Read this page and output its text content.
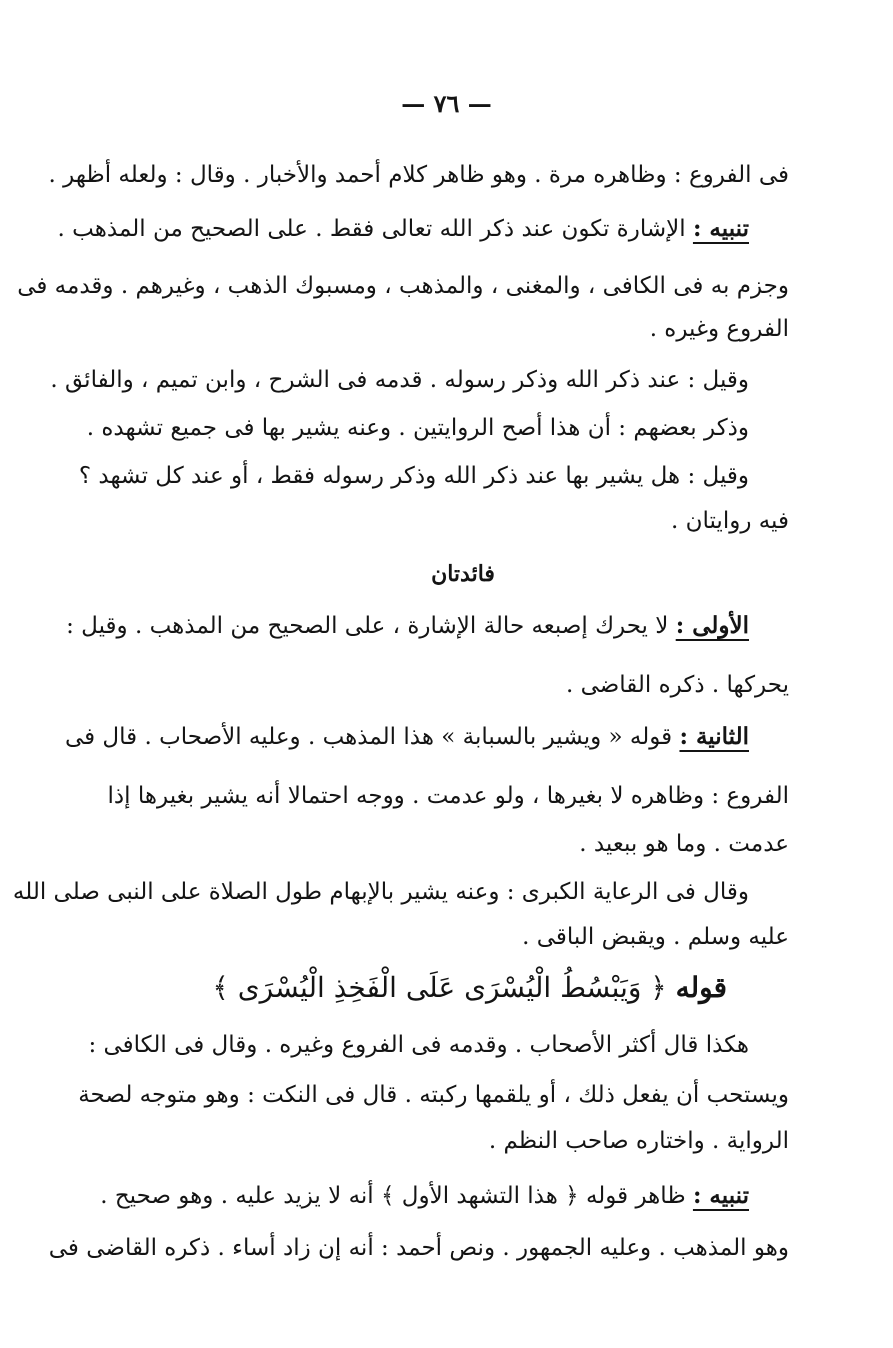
— ٧٦ —
فى الفروع : وظاهره مرة . وهو ظاهر كلام أحمد والأخبار . وقال : ولعله أظهر .
تنبيه : الإشارة تكون عند ذكر الله تعالى فقط . على الصحيح من المذهب .
وجزم به فى الكافى ، والمغنى ، والمذهب ، ومسبوك الذهب ، وغيرهم . وقدمه فى
الفروع وغيره .
وقيل : عند ذكر الله وذكر رسوله . قدمه فى الشرح ، وابن تميم ، والفائق .
وذكر بعضهم : أن هذا أصح الروايتين . وعنه يشير بها فى جميع تشهده .
وقيل : هل يشير بها عند ذكر الله وذكر رسوله فقط ، أو عند كل تشهد ؟
فيه روايتان .
فائدتان
الأولى : لا يحرك إصبعه حالة الإشارة ، على الصحيح من المذهب . وقيل :
يحركها . ذكره القاضى .
الثانية : قوله « ويشير بالسبابة » هذا المذهب . وعليه الأصحاب . قال فى
الفروع : وظاهره لا بغيرها ، ولو عدمت . ووجه احتمالا أنه يشير بغيرها إذا
عدمت . وما هو ببعيد .
وقال فى الرعاية الكبرى : وعنه يشير بالإبهام طول الصلاة على النبى صلى الله
عليه وسلم . ويقبض الباقى .
قوله ﴿ وَيَبْسُطُ الْيُسْرَى عَلَى الْفَخِذِ الْيُسْرَى ﴾
هكذا قال أكثر الأصحاب . وقدمه فى الفروع وغيره . وقال فى الكافى :
ويستحب أن يفعل ذلك ، أو يلقمها ركبته . قال فى النكت : وهو متوجه لصحة
الرواية . واختاره صاحب النظم .
تنبيه : ظاهر قوله ﴿ هذا التشهد الأول ﴾ أنه لا يزيد عليه . وهو صحيح .
وهو المذهب . وعليه الجمهور . ونص أحمد : أنه إن زاد أساء . ذكره القاضى فى
